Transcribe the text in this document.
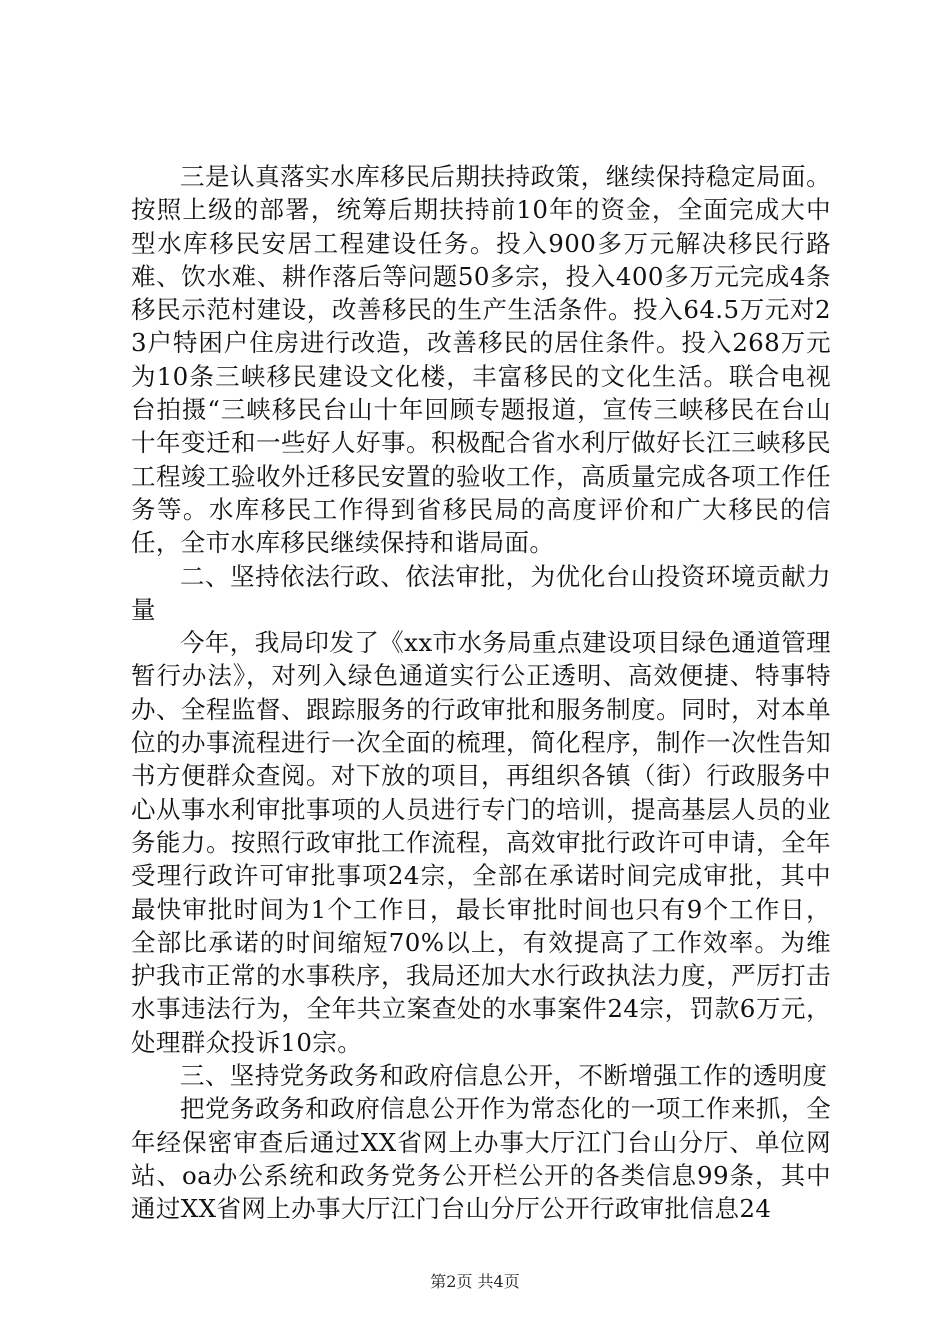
三是认真落实水库移民后期扶持政策，继续保持稳定局面。按照上级的部署，统筹后期扶持前10年的资金，全面完成大中型水库移民安居工程建设任务。投入900多万元解决移民行路难、饮水难、耕作落后等问题50多宗，投入400多万元完成4条移民示范村建设，改善移民的生产生活条件。投入64.5万元对23户特困户住房进行改造，改善移民的居住条件。投入268万元为10条三峡移民建设文化楼，丰富移民的文化生活。联合电视台拍摄“三峡移民台山十年回顾专题报道，宣传三峡移民在台山十年变迁和一些好人好事。积极配合省水利厅做好长江三峡移民工程竣工验收外迁移民安置的验收工作，高质量完成各项工作任务等。水库移民工作得到省移民局的高度评价和广大移民的信任，全市水库移民继续保持和谐局面。

二、坚持依法行政、依法审批，为优化台山投资环境贡献力量

今年，我局印发了《xx市水务局重点建设项目绿色通道管理暂行办法》，对列入绿色通道实行公正透明、高效便捷、特事特办、全程监督、跟踪服务的行政审批和服务制度。同时，对本单位的办事流程进行一次全面的梳理，简化程序，制作一次性告知书方便群众查阅。对下放的项目，再组织各镇（街）行政服务中心从事水利审批事项的人员进行专门的培训，提高基层人员的业务能力。按照行政审批工作流程，高效审批行政许可申请，全年受理行政许可审批事项24宗，全部在承诺时间完成审批，其中最快审批时间为1个工作日，最长审批时间也只有9个工作日，全部比承诺的时间缩短70%以上，有效提高了工作效率。为维护我市正常的水事秩序，我局还加大水行政执法力度，严厉打击水事违法行为，全年共立案查处的水事案件24宗，罚款6万元，处理群众投诉10宗。

三、坚持党务政务和政府信息公开，不断增强工作的透明度

把党务政务和政府信息公开作为常态化的一项工作来抓，全年经保密审查后通过XX省网上办事大厅江门台山分厅、单位网站、oa办公系统和政务党务公开栏公开的各类信息99条，其中通过XX省网上办事大厅江门台山分厅公开行政审批信息24

第2页 共4页
